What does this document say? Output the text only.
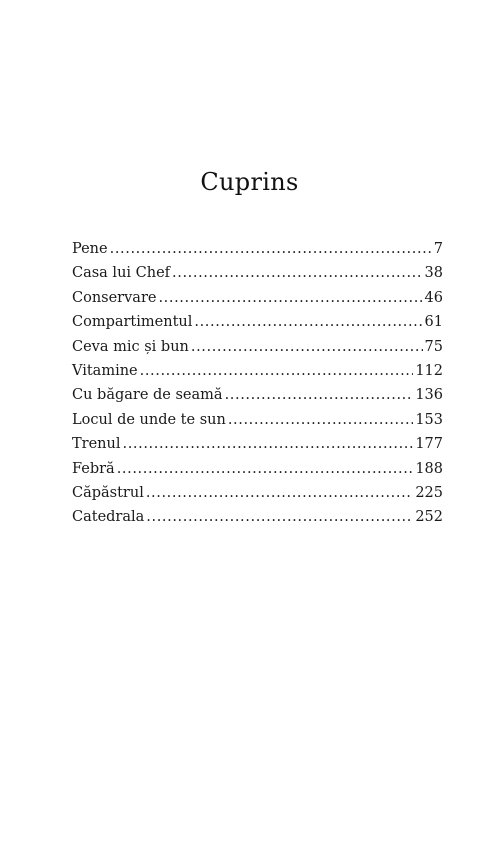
Cuprins
Pene .....	7
Casa lui Chef .....	38
Conservare .....	46
Compartimentul .....	61
Ceva mic și bun .....	75
Vitamine .....	112
Cu băgare de seamă .....	136
Locul de unde te sun .....	153
Trenul .....	177
Febră .....	188
Căpăstrul .....	225
Catedrala .....	252
